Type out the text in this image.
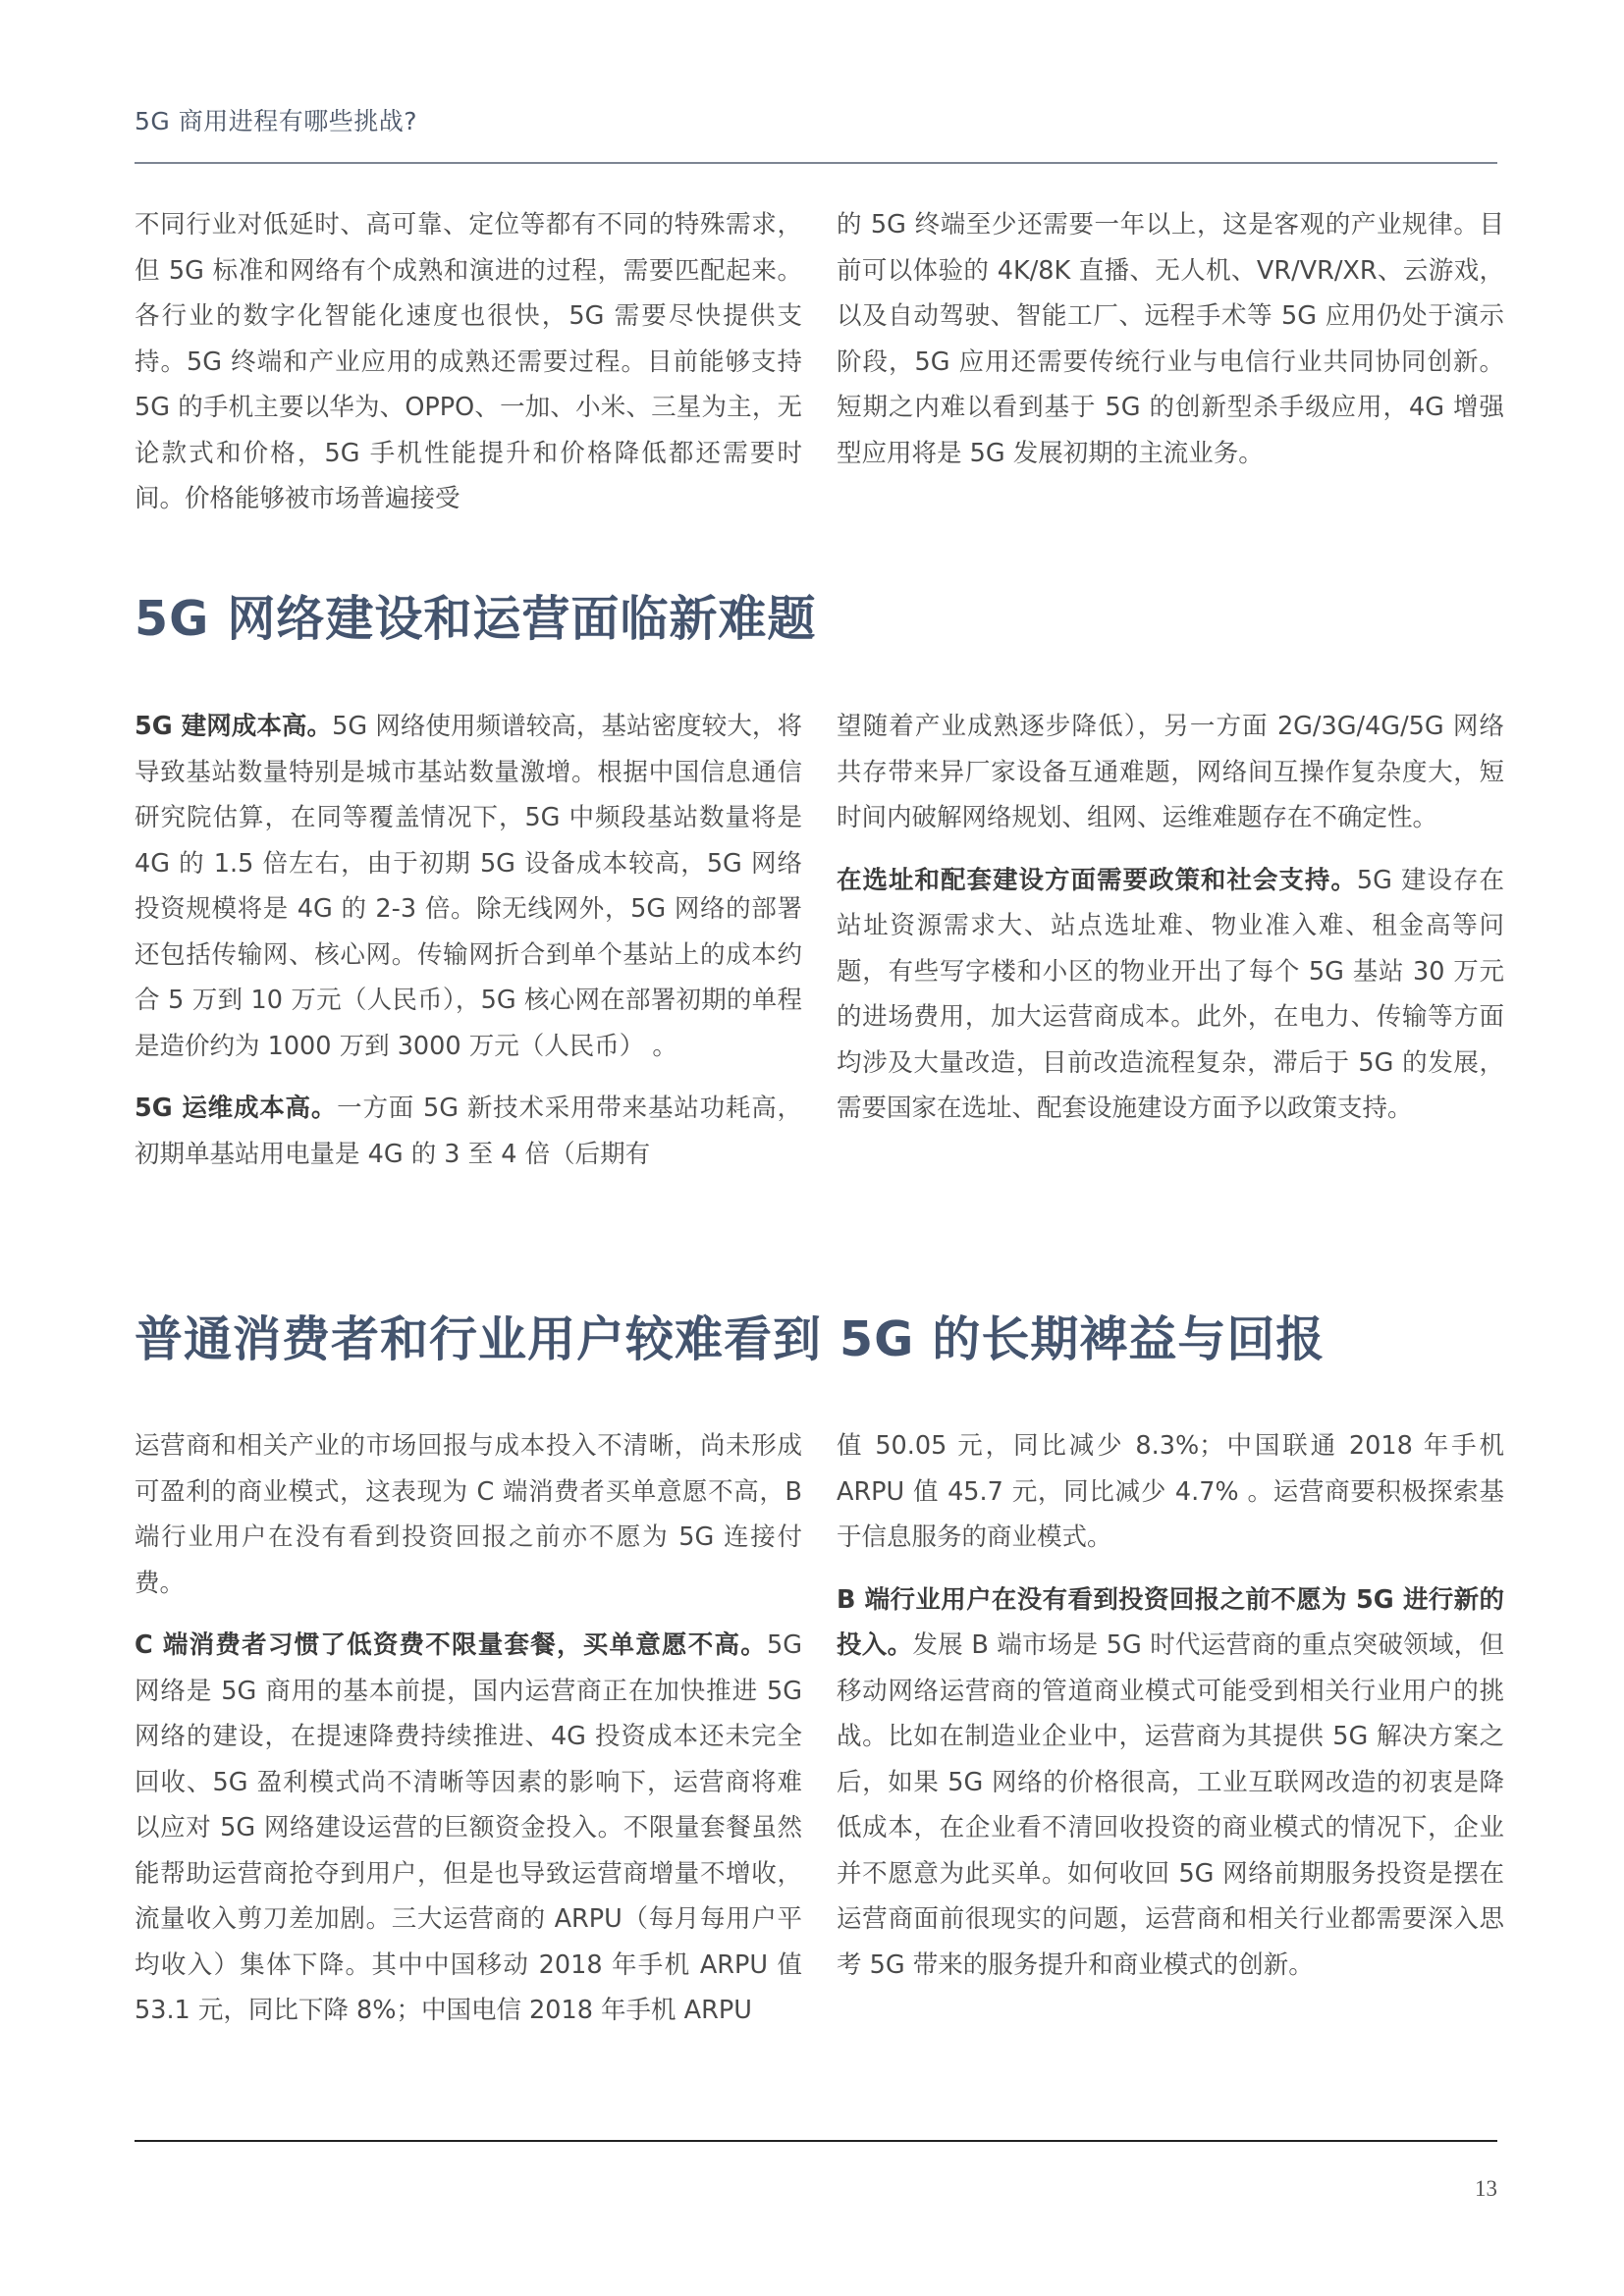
5G 商用进程有哪些挑战?

不同行业对低延时、高可靠、定位等都有不同的特殊需求，但 5G 标准和网络有个成熟和演进的过程，需要匹配起来。各行业的数字化智能化速度也很快，5G 需要尽快提供支持。5G 终端和产业应用的成熟还需要过程。目前能够支持 5G 的手机主要以华为、OPPO、一加、小米、三星为主，无论款式和价格，5G 手机性能提升和价格降低都还需要时间。价格能够被市场普遍接受

的 5G 终端至少还需要一年以上，这是客观的产业规律。目前可以体验的 4K/8K 直播、无人机、VR/VR/XR、云游戏，以及自动驾驶、智能工厂、远程手术等 5G 应用仍处于演示阶段，5G 应用还需要传统行业与电信行业共同协同创新。短期之内难以看到基于 5G 的创新型杀手级应用，4G 增强型应用将是 5G 发展初期的主流业务。

5G 网络建设和运营面临新难题

5G 建网成本高。5G 网络使用频谱较高，基站密度较大，将导致基站数量特别是城市基站数量激增。根据中国信息通信研究院估算，在同等覆盖情况下，5G 中频段基站数量将是 4G 的 1.5 倍左右，由于初期 5G 设备成本较高，5G 网络投资规模将是 4G 的 2-3 倍。除无线网外，5G 网络的部署还包括传输网、核心网。传输网折合到单个基站上的成本约合 5 万到 10 万元（人民币），5G 核心网在部署初期的单程是造价约为 1000 万到 3000 万元（人民币） 。

5G 运维成本高。一方面 5G 新技术采用带来基站功耗高，初期单基站用电量是 4G 的 3 至 4 倍（后期有

望随着产业成熟逐步降低），另一方面 2G/3G/4G/5G 网络共存带来异厂家设备互通难题，网络间互操作复杂度大，短时间内破解网络规划、组网、运维难题存在不确定性。

在选址和配套建设方面需要政策和社会支持。5G 建设存在站址资源需求大、站点选址难、物业准入难、租金高等问题，有些写字楼和小区的物业开出了每个 5G 基站 30 万元的进场费用，加大运营商成本。此外，在电力、传输等方面均涉及大量改造，目前改造流程复杂，滞后于 5G 的发展，需要国家在选址、配套设施建设方面予以政策支持。

普通消费者和行业用户较难看到 5G 的长期裨益与回报

运营商和相关产业的市场回报与成本投入不清晰，尚未形成可盈利的商业模式，这表现为 C 端消费者买单意愿不高，B 端行业用户在没有看到投资回报之前亦不愿为 5G 连接付费。

C 端消费者习惯了低资费不限量套餐，买单意愿不高。5G 网络是 5G 商用的基本前提，国内运营商正在加快推进 5G 网络的建设，在提速降费持续推进、4G 投资成本还未完全回收、5G 盈利模式尚不清晰等因素的影响下，运营商将难以应对 5G 网络建设运营的巨额资金投入。不限量套餐虽然能帮助运营商抢夺到用户，但是也导致运营商增量不增收，流量收入剪刀差加剧。三大运营商的 ARPU（每月每用户平均收入）集体下降。其中中国移动 2018 年手机 ARPU 值 53.1 元，同比下降 8%；中国电信 2018 年手机 ARPU

值 50.05 元，同比减少 8.3%；中国联通 2018 年手机 ARPU 值 45.7 元，同比减少 4.7% 。运营商要积极探索基于信息服务的商业模式。

B 端行业用户在没有看到投资回报之前不愿为 5G 进行新的投入。发展 B 端市场是 5G 时代运营商的重点突破领域，但移动网络运营商的管道商业模式可能受到相关行业用户的挑战。比如在制造业企业中，运营商为其提供 5G 解决方案之后，如果 5G 网络的价格很高，工业互联网改造的初衷是降低成本，在企业看不清回收投资的商业模式的情况下，企业并不愿意为此买单。如何收回 5G 网络前期服务投资是摆在运营商面前很现实的问题，运营商和相关行业都需要深入思考 5G 带来的服务提升和商业模式的创新。

13
